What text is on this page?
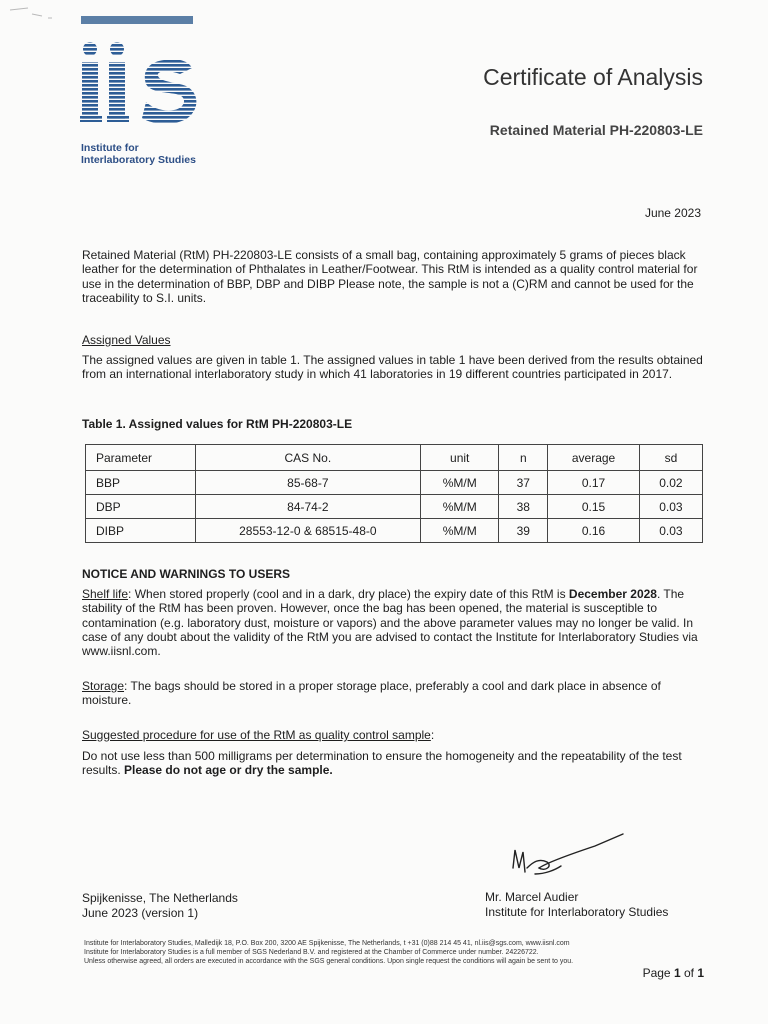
Institute for
Interlaboratory Studies
Certificate of Analysis
Retained Material PH-220803-LE
June 2023
Retained Material (RtM) PH-220803-LE consists of a small bag, containing approximately 5 grams of pieces black leather for the determination of Phthalates in Leather/Footwear. This RtM is intended as a quality control material for use in the determination of BBP, DBP and DIBP Please note, the sample is not a (C)RM and cannot be used for the traceability to S.I. units.
Assigned Values
The assigned values are given in table 1. The assigned values in table 1 have been derived from the results obtained from an international interlaboratory study in which 41 laboratories in 19 different countries participated in 2017.
Table 1. Assigned values for RtM PH-220803-LE
Parameter	CAS No.	unit	n	average	sd
BBP	85-68-7	%M/M	37	0.17	0.02
DBP	84-74-2	%M/M	38	0.15	0.03
DIBP	28553-12-0 & 68515-48-0	%M/M	39	0.16	0.03
NOTICE AND WARNINGS TO USERS
Shelf life: When stored properly (cool and in a dark, dry place) the expiry date of this RtM is December 2028. The stability of the RtM has been proven. However, once the bag has been opened, the material is susceptible to contamination (e.g. laboratory dust, moisture or vapors) and the above parameter values may no longer be valid. In case of any doubt about the validity of the RtM you are advised to contact the Institute for Interlaboratory Studies via www.iisnl.com.
Storage: The bags should be stored in a proper storage place, preferably a cool and dark place in absence of moisture.
Suggested procedure for use of the RtM as quality control sample:
Do not use less than 500 milligrams per determination to ensure the homogeneity and the repeatability of the test results. Please do not age or dry the sample.
Spijkenisse, The Netherlands
June 2023 (version 1)
Mr. Marcel Audier
Institute for Interlaboratory Studies
Institute for Interlaboratory Studies, Malledijk 18, P.O. Box 200, 3200 AE Spijkenisse, The Netherlands, t +31 (0)88 214 45 41, nl.iis@sgs.com, www.iisnl.com
Institute for Interlaboratory Studies is a full member of SGS Nederland B.V. and registered at the Chamber of Commerce under number. 24226722.
Unless otherwise agreed, all orders are executed in accordance with the SGS general conditions. Upon single request the conditions will again be sent to you.
Page 1 of 1
